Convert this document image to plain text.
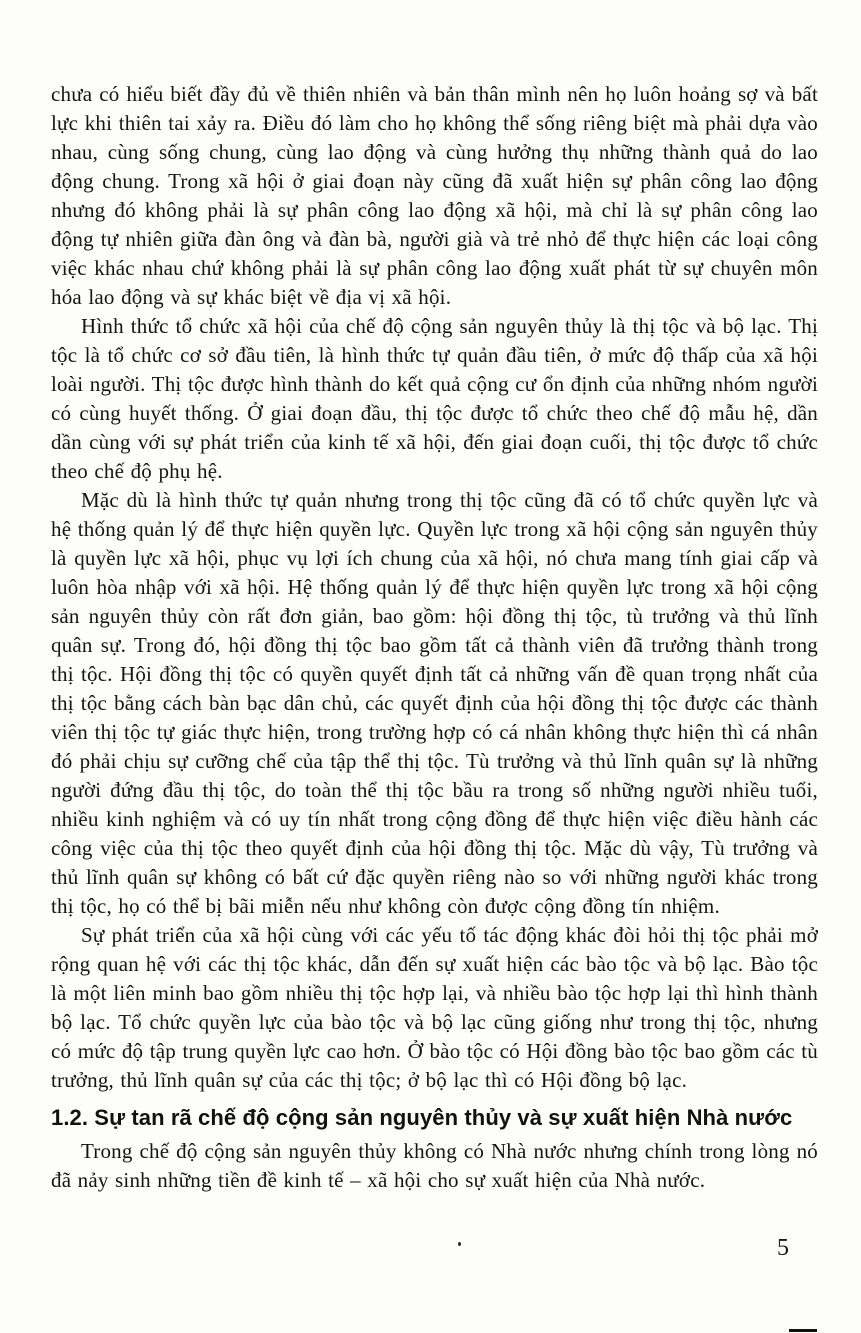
chưa có hiểu biết đầy đủ về thiên nhiên và bản thân mình nên họ luôn hoảng sợ và bất lực khi thiên tai xảy ra. Điều đó làm cho họ không thể sống riêng biệt mà phải dựa vào nhau, cùng sống chung, cùng lao động và cùng hưởng thụ những thành quả do lao động chung. Trong xã hội ở giai đoạn này cũng đã xuất hiện sự phân công lao động nhưng đó không phải là sự phân công lao động xã hội, mà chỉ là sự phân công lao động tự nhiên giữa đàn ông và đàn bà, người già và trẻ nhỏ để thực hiện các loại công việc khác nhau chứ không phải là sự phân công lao động xuất phát từ sự chuyên môn hóa lao động và sự khác biệt về địa vị xã hội.

Hình thức tổ chức xã hội của chế độ cộng sản nguyên thủy là thị tộc và bộ lạc. Thị tộc là tổ chức cơ sở đầu tiên, là hình thức tự quản đầu tiên, ở mức độ thấp của xã hội loài người. Thị tộc được hình thành do kết quả cộng cư ổn định của những nhóm người có cùng huyết thống. Ở giai đoạn đầu, thị tộc được tổ chức theo chế độ mẫu hệ, dần dần cùng với sự phát triển của kinh tế xã hội, đến giai đoạn cuối, thị tộc được tổ chức theo chế độ phụ hệ.

Mặc dù là hình thức tự quản nhưng trong thị tộc cũng đã có tổ chức quyền lực và hệ thống quản lý để thực hiện quyền lực. Quyền lực trong xã hội cộng sản nguyên thủy là quyền lực xã hội, phục vụ lợi ích chung của xã hội, nó chưa mang tính giai cấp và luôn hòa nhập với xã hội. Hệ thống quản lý để thực hiện quyền lực trong xã hội cộng sản nguyên thủy còn rất đơn giản, bao gồm: hội đồng thị tộc, tù trưởng và thủ lĩnh quân sự. Trong đó, hội đồng thị tộc bao gồm tất cả thành viên đã trưởng thành trong thị tộc. Hội đồng thị tộc có quyền quyết định tất cả những vấn đề quan trọng nhất của thị tộc bằng cách bàn bạc dân chủ, các quyết định của hội đồng thị tộc được các thành viên thị tộc tự giác thực hiện, trong trường hợp có cá nhân không thực hiện thì cá nhân đó phải chịu sự cưỡng chế của tập thể thị tộc. Tù trưởng và thủ lĩnh quân sự là những người đứng đầu thị tộc, do toàn thể thị tộc bầu ra trong số những người nhiều tuổi, nhiều kinh nghiệm và có uy tín nhất trong cộng đồng để thực hiện việc điều hành các công việc của thị tộc theo quyết định của hội đồng thị tộc. Mặc dù vậy, Tù trưởng và thủ lĩnh quân sự không có bất cứ đặc quyền riêng nào so với những người khác trong thị tộc, họ có thể bị bãi miễn nếu như không còn được cộng đồng tín nhiệm.

Sự phát triển của xã hội cùng với các yếu tố tác động khác đòi hỏi thị tộc phải mở rộng quan hệ với các thị tộc khác, dẫn đến sự xuất hiện các bào tộc và bộ lạc. Bào tộc là một liên minh bao gồm nhiều thị tộc hợp lại, và nhiều bào tộc hợp lại thì hình thành bộ lạc. Tổ chức quyền lực của bào tộc và bộ lạc cũng giống như trong thị tộc, nhưng có mức độ tập trung quyền lực cao hơn. Ở bào tộc có Hội đồng bào tộc bao gồm các tù trưởng, thủ lĩnh quân sự của các thị tộc; ở bộ lạc thì có Hội đồng bộ lạc.

1.2. Sự tan rã chế độ cộng sản nguyên thủy và sự xuất hiện Nhà nước

Trong chế độ cộng sản nguyên thủy không có Nhà nước nhưng chính trong lòng nó đã nảy sinh những tiền đề kinh tế – xã hội cho sự xuất hiện của Nhà nước.

5
